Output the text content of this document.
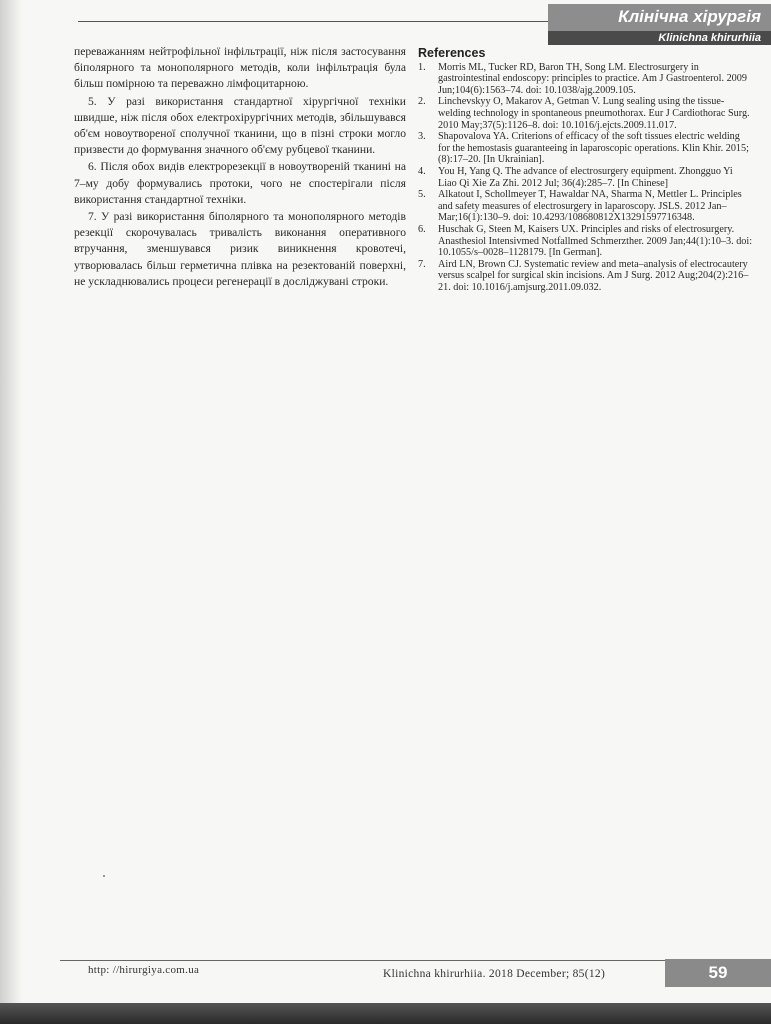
Клінічна хірургія
Klinichna khirurhiia

переважанням нейтрофільної інфільтрації, ніж після застосування біполярного та монополярного методів, коли інфільтрація була більш помірною та переважно лімфоцитарною.

5. У разі використання стандартної хірургічної техніки швидше, ніж після обох електрохірургічних методів, збільшувався об'єм новоутвореної сполучної тканини, що в пізні строки могло призвести до формування значного об'єму рубцевої тканини.

6. Після обох видів електрорезекції в новоутвореній тканині на 7–му добу формувались протоки, чого не спостерігали після використання стандартної техніки.

7. У разі використання біполярного та монополярного методів резекції скорочувалась тривалість виконання оперативного втручання, зменшувався ризик виникнення кровотечі, утворювалась більш герметична плівка на резектованій поверхні, не ускладнювались процеси регенерації в досліджувані строки.

References
1. Morris ML, Tucker RD, Baron TH, Song LM. Electrosurgery in gastrointestinal endoscopy: principles to practice. Am J Gastroenterol. 2009 Jun;104(6):1563–74. doi: 10.1038/ajg.2009.105.
2. Linchevskyy O, Makarov A, Getman V. Lung sealing using the tissue-welding technology in spontaneous pneumothorax. Eur J Cardiothorac Surg. 2010 May;37(5):1126–8. doi: 10.1016/j.ejcts.2009.11.017.
3. Shapovalova YA. Criterions of efficacy of the soft tissues electric welding for the hemostasis guaranteeing in laparoscopic operations. Klin Khir. 2015;(8):17–20. [In Ukrainian].
4. You H, Yang Q. The advance of electrosurgery equipment. Zhongguo Yi Liao Qi Xie Za Zhi. 2012 Jul; 36(4):285–7. [In Chinese]
5. Alkatout I, Schollmeyer T, Hawaldar NA, Sharma N, Mettler L. Principles and safety measures of electrosurgery in laparoscopy. JSLS. 2012 Jan–Mar;16(1):130–9. doi: 10.4293/108680812X13291597716348.
6. Huschak G, Steen M, Kaisers UX. Principles and risks of electrosurgery. Anasthesiol Intensivmed Notfallmed Schmerzther. 2009 Jan;44(1):10–3. doi: 10.1055/s–0028–1128179. [In German].
7. Aird LN, Brown CJ. Systematic review and meta–analysis of electrocautery versus scalpel for surgical skin incisions. Am J Surg. 2012 Aug;204(2):216–21. doi: 10.1016/j.amjsurg.2011.09.032.
http: //hirurgiya.com.ua	Klinichna khirurhiia. 2018 December; 85(12)	59
